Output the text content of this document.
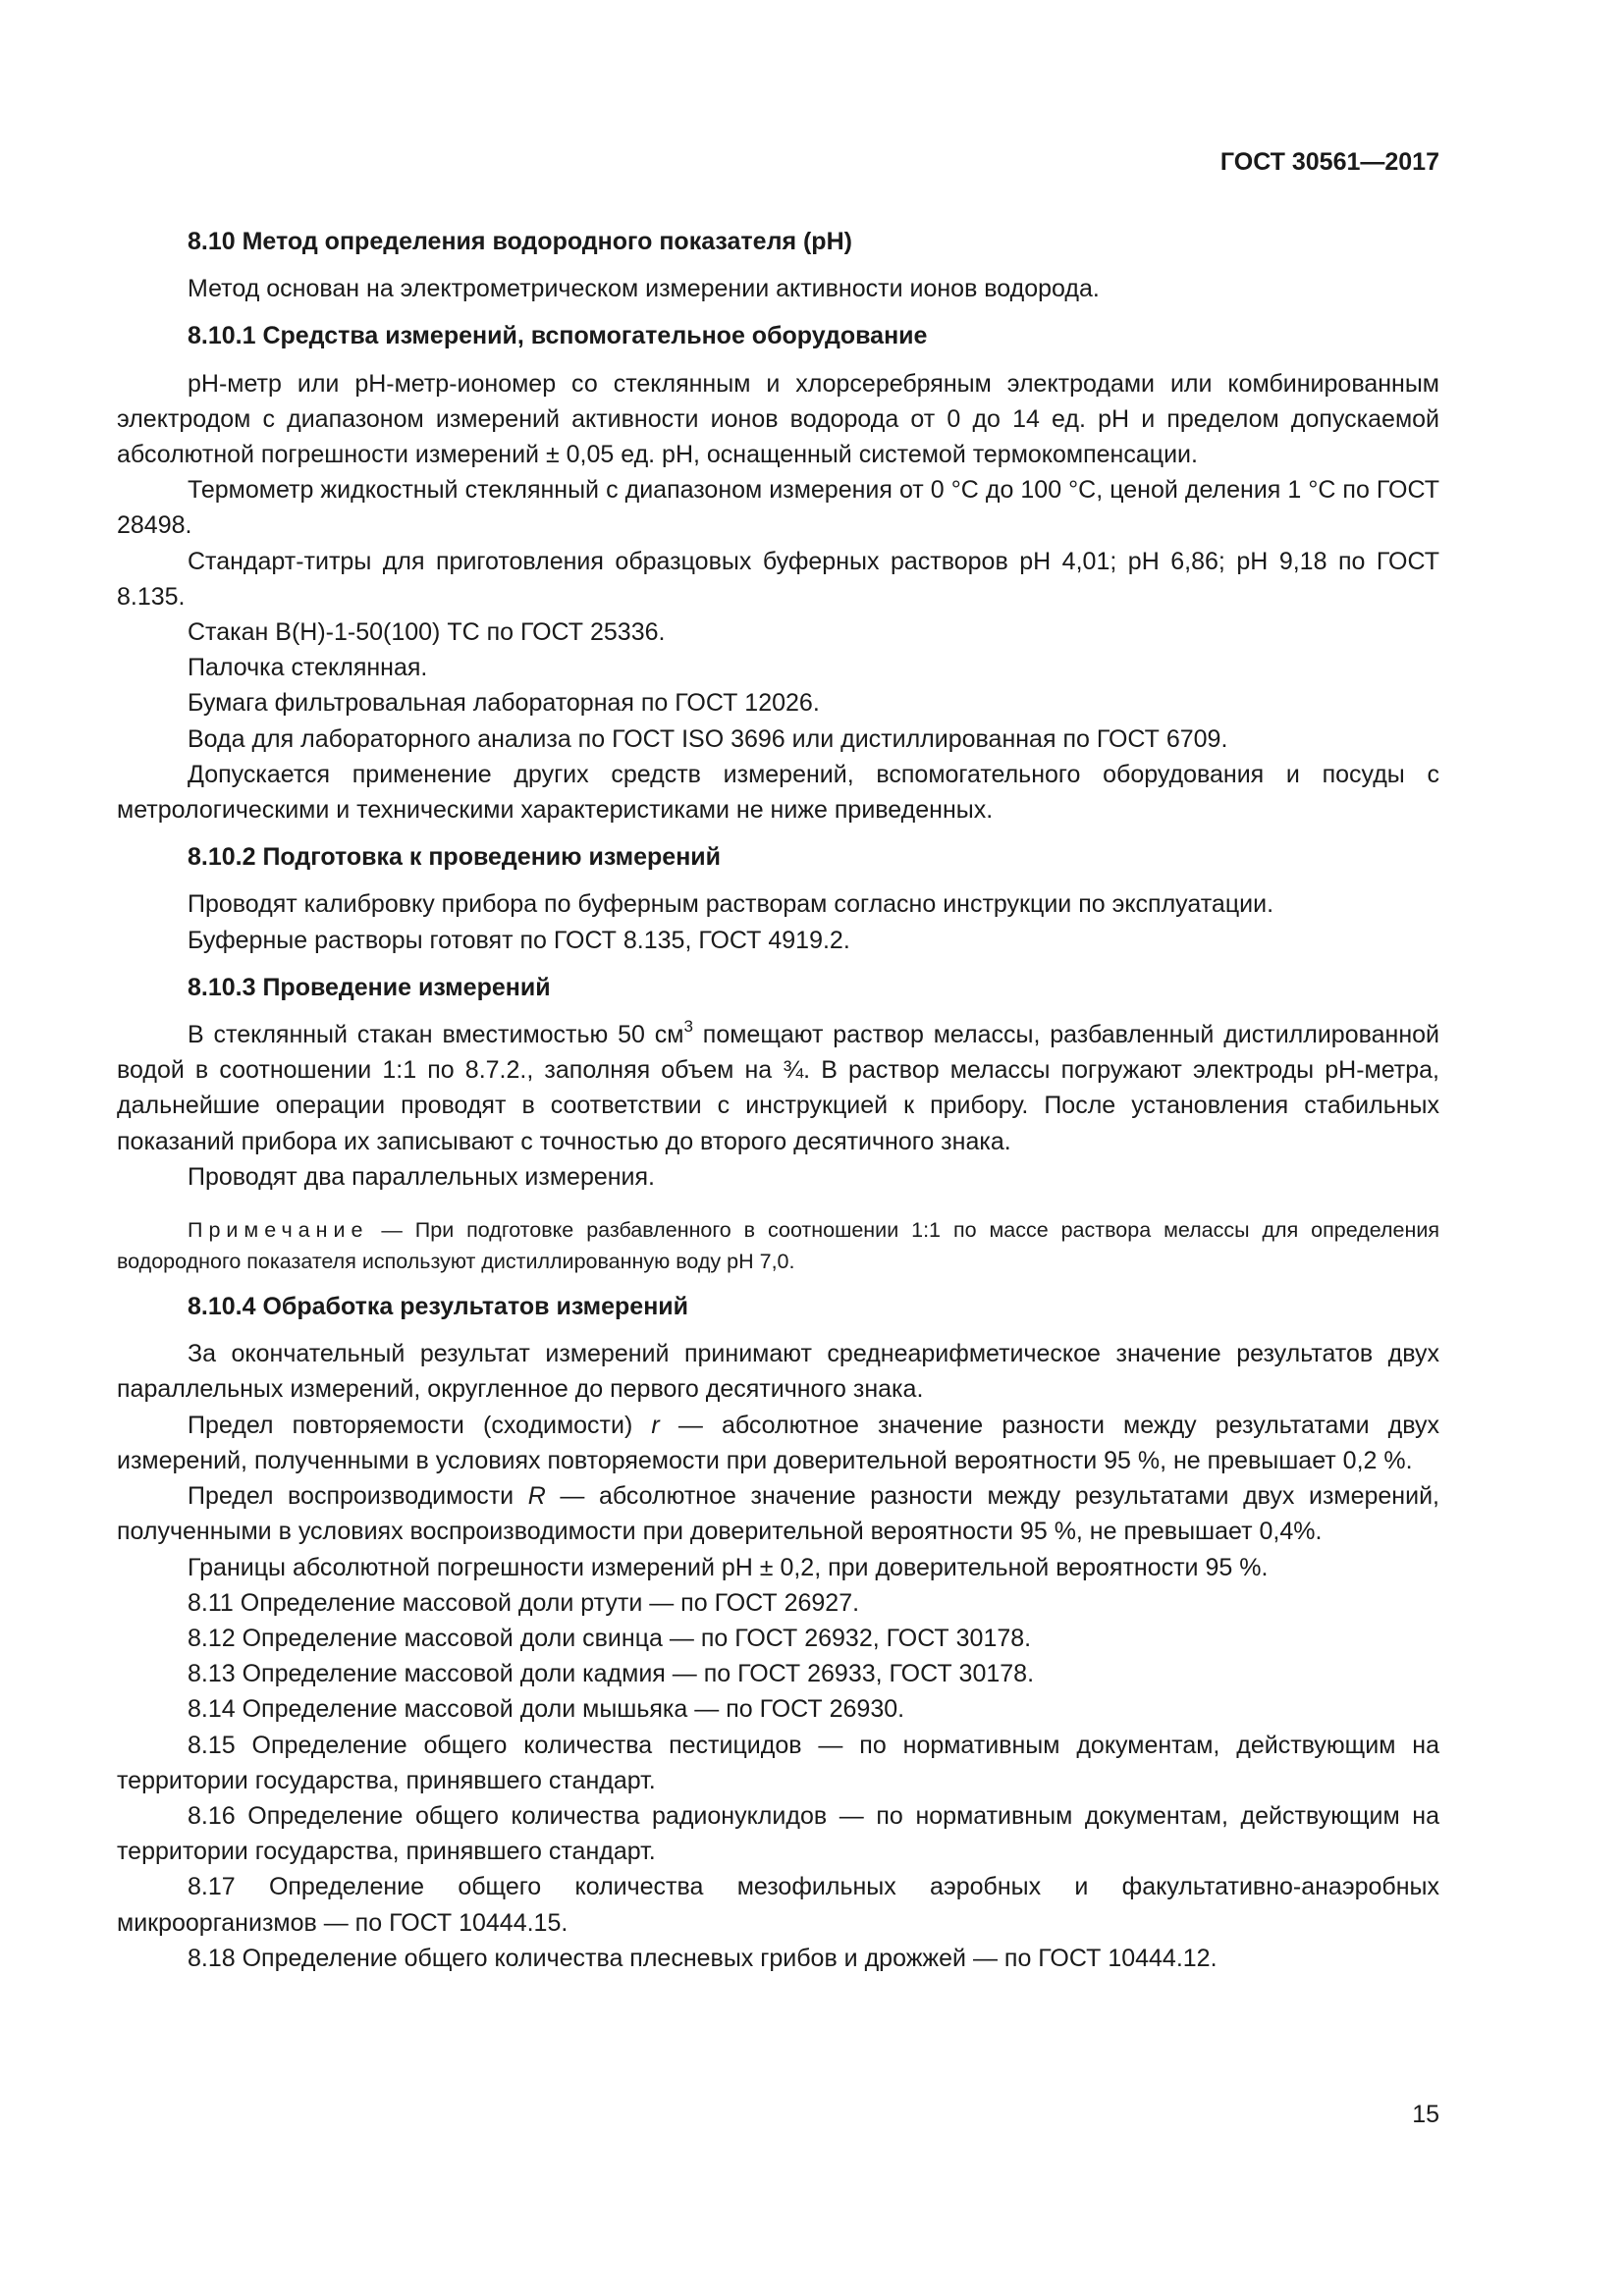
ГОСТ 30561—2017

8.10 Метод определения водородного показателя (pH)

Метод основан на электрометрическом измерении активности ионов водорода.

8.10.1 Средства измерений, вспомогательное оборудование

pH-метр или pH-метр-иономер со стеклянным и хлорсеребряным электродами или комбинированным электродом с диапазоном измерений активности ионов водорода от 0 до 14 ед. pH и пределом допускаемой абсолютной погрешности измерений ± 0,05 ед. pH, оснащенный системой термокомпенсации.

Термометр жидкостный стеклянный с диапазоном измерения от 0 °C до 100 °C, ценой деления 1 °C по ГОСТ 28498.

Стандарт-титры для приготовления образцовых буферных растворов pH 4,01; pH 6,86; pH 9,18 по ГОСТ 8.135.

Стакан В(Н)-1-50(100) ТС по ГОСТ 25336.

Палочка стеклянная.

Бумага фильтровальная лабораторная по ГОСТ 12026.

Вода для лабораторного анализа по ГОСТ ISO 3696 или дистиллированная по ГОСТ 6709.

Допускается применение других средств измерений, вспомогательного оборудования и посуды с метрологическими и техническими характеристиками не ниже приведенных.

8.10.2 Подготовка к проведению измерений

Проводят калибровку прибора по буферным растворам согласно инструкции по эксплуатации.

Буферные растворы готовят по ГОСТ 8.135, ГОСТ 4919.2.

8.10.3 Проведение измерений

В стеклянный стакан вместимостью 50 $см^3$ помещают раствор мелассы, разбавленный дистиллированной водой в соотношении 1:1 по 8.7.2., заполняя объем на ¾. В раствор мелассы погружают электроды pH-метра, дальнейшие операции проводят в соответствии с инструкцией к прибору. После установления стабильных показаний прибора их записывают с точностью до второго десятичного знака.

Проводят два параллельных измерения.

Примечание — При подготовке разбавленного в соотношении 1:1 по массе раствора мелассы для определения водородного показателя используют дистиллированную воду pH 7,0.

8.10.4 Обработка результатов измерений

За окончательный результат измерений принимают среднеарифметическое значение результатов двух параллельных измерений, округленное до первого десятичного знака.

Предел повторяемости (сходимости) r — абсолютное значение разности между результатами двух измерений, полученными в условиях повторяемости при доверительной вероятности 95 %, не превышает 0,2 %.

Предел воспроизводимости R — абсолютное значение разности между результатами двух измерений, полученными в условиях воспроизводимости при доверительной вероятности 95 %, не превышает 0,4%.

Границы абсолютной погрешности измерений pH ± 0,2, при доверительной вероятности 95 %.

8.11 Определение массовой доли ртути — по ГОСТ 26927.

8.12 Определение массовой доли свинца — по ГОСТ 26932, ГОСТ 30178.

8.13 Определение массовой доли кадмия — по ГОСТ 26933, ГОСТ 30178.

8.14 Определение массовой доли мышьяка — по ГОСТ 26930.

8.15 Определение общего количества пестицидов — по нормативным документам, действующим на территории государства, принявшего стандарт.

8.16 Определение общего количества радионуклидов — по нормативным документам, действующим на территории государства, принявшего стандарт.

8.17 Определение общего количества мезофильных аэробных и факультативно-анаэробных микроорганизмов — по ГОСТ 10444.15.

8.18 Определение общего количества плесневых грибов и дрожжей — по ГОСТ 10444.12.

15
